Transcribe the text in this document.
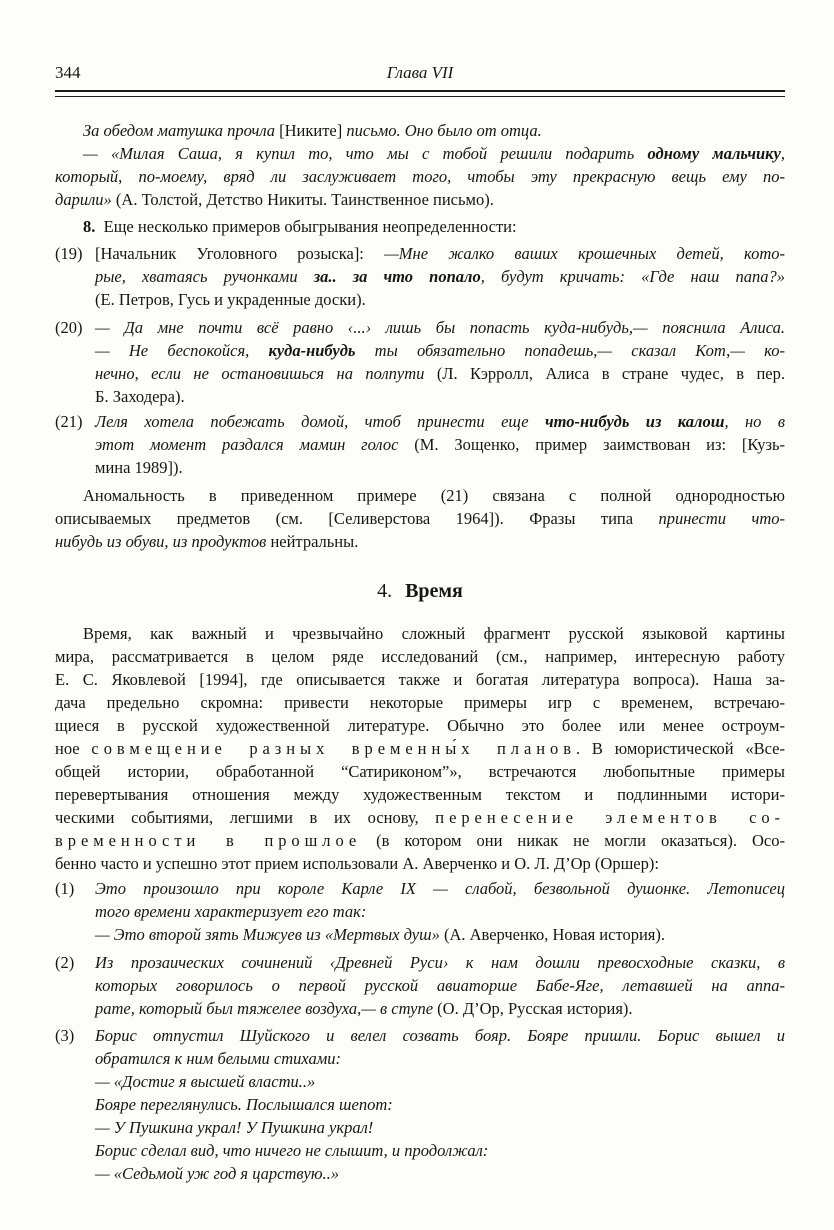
344	Глава VII
За обедом матушка прочла [Никите] письмо. Оно было от отца.
— «Милая Саша, я купил то, что мы с тобой решили подарить одному мальчику,
который, по-моему, вряд ли заслуживает того, чтобы эту прекрасную вещь ему по-
дарили» (А. Толстой, Детство Никиты. Таинственное письмо).
8.  Еще несколько примеров обыгрывания неопределенности:
(19) [Начальник Уголовного розыска]: —Мне жалко ваших крошечных детей, кото-
рые, хватаясь ручонками за.. за что попало, будут кричать: «Где наш папа?»
(Е. Петров, Гусь и украденные доски).
(20) — Да мне почти всё равно ‹...› лишь бы попасть куда-нибудь,— пояснила Алиса.
— Не беспокойся, куда-нибудь ты обязательно попадешь,— сказал Кот,— ко-
нечно, если не остановишься на полпути (Л. Кэрролл, Алиса в стране чудес, в пер.
Б. Заходера).
(21) Леля хотела побежать домой, чтоб принести еще что-нибудь из калош, но в
этот момент раздался мамин голос (М. Зощенко, пример заимствован из: [Кузь-
мина 1989]).
Аномальность в приведенном примере (21) связана с полной однородностью
описываемых предметов (см. [Селиверстова 1964]). Фразы типа принести что-
нибудь из обуви, из продуктов нейтральны.
4. Время
Время, как важный и чрезвычайно сложный фрагмент русской языковой картины
мира, рассматривается в целом ряде исследований (см., например, интересную работу
Е. С. Яковлевой [1994], где описывается также и богатая литература вопроса). Наша за-
дача предельно скромна: привести некоторые примеры игр с временем, встречаю-
щиеся в русской художественной литературе. Обычно это более или менее остроум-
ное совмещение разных временны́х планов. В юмористической «Все-
общей истории, обработанной “Сатириконом”», встречаются любопытные примеры
перевертывания отношения между художественным текстом и подлинными истори-
ческими событиями, легшими в их основу, перенесение элементов со-
временности в прошлое (в котором они никак не могли оказаться). Осо-
бенно часто и успешно этот прием использовали А. Аверченко и О. Л. Д’Ор (Оршер):
(1)	Это произошло при короле Карле IX — слабой, безвольной душонке. Летописец
того времени характеризует его так:
— Это второй зять Мижуев из «Мертвых душ» (А. Аверченко, Новая история).
(2)	Из прозаических сочинений ‹Древней Руси› к нам дошли превосходные сказки, в
которых говорилось о первой русской авиаторше Бабе-Яге, летавшей на аппа-
рате, который был тяжелее воздуха,— в ступе (О. Д’Ор, Русская история).
(3)	Борис отпустил Шуйского и велел созвать бояр. Бояре пришли. Борис вышел и
обратился к ним белыми стихами:
— «Достиг я высшей власти..»
Бояре переглянулись. Послышался шепот:
— У Пушкина украл! У Пушкина украл!
Борис сделал вид, что ничего не слышит, и продолжал:
— «Седьмой уж год я царствую..»
